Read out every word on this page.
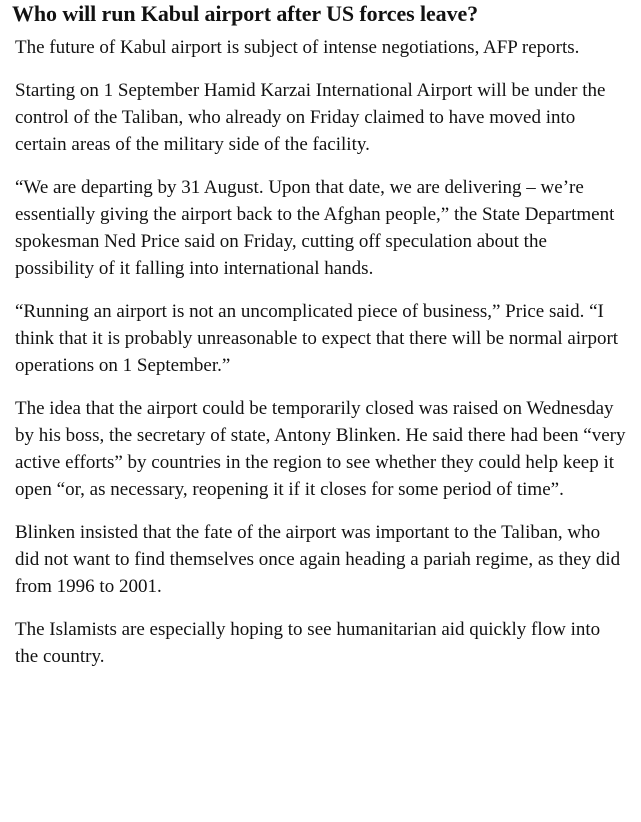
Who will run Kabul airport after US forces leave?

The future of Kabul airport is subject of intense negotiations, AFP reports.

Starting on 1 September Hamid Karzai International Airport will be under the control of the Taliban, who already on Friday claimed to have moved into certain areas of the military side of the facility.

“We are departing by 31 August. Upon that date, we are delivering – we’re essentially giving the airport back to the Afghan people,” the State Department spokesman Ned Price said on Friday, cutting off speculation about the possibility of it falling into international hands.

“Running an airport is not an uncomplicated piece of business,” Price said. “I think that it is probably unreasonable to expect that there will be normal airport operations on 1 September.”

The idea that the airport could be temporarily closed was raised on Wednesday by his boss, the secretary of state, Antony Blinken. He said there had been “very active efforts” by countries in the region to see whether they could help keep it open “or, as necessary, reopening it if it closes for some period of time”.

Blinken insisted that the fate of the airport was important to the Taliban, who did not want to find themselves once again heading a pariah regime, as they did from 1996 to 2001.

The Islamists are especially hoping to see humanitarian aid quickly flow into the country.
